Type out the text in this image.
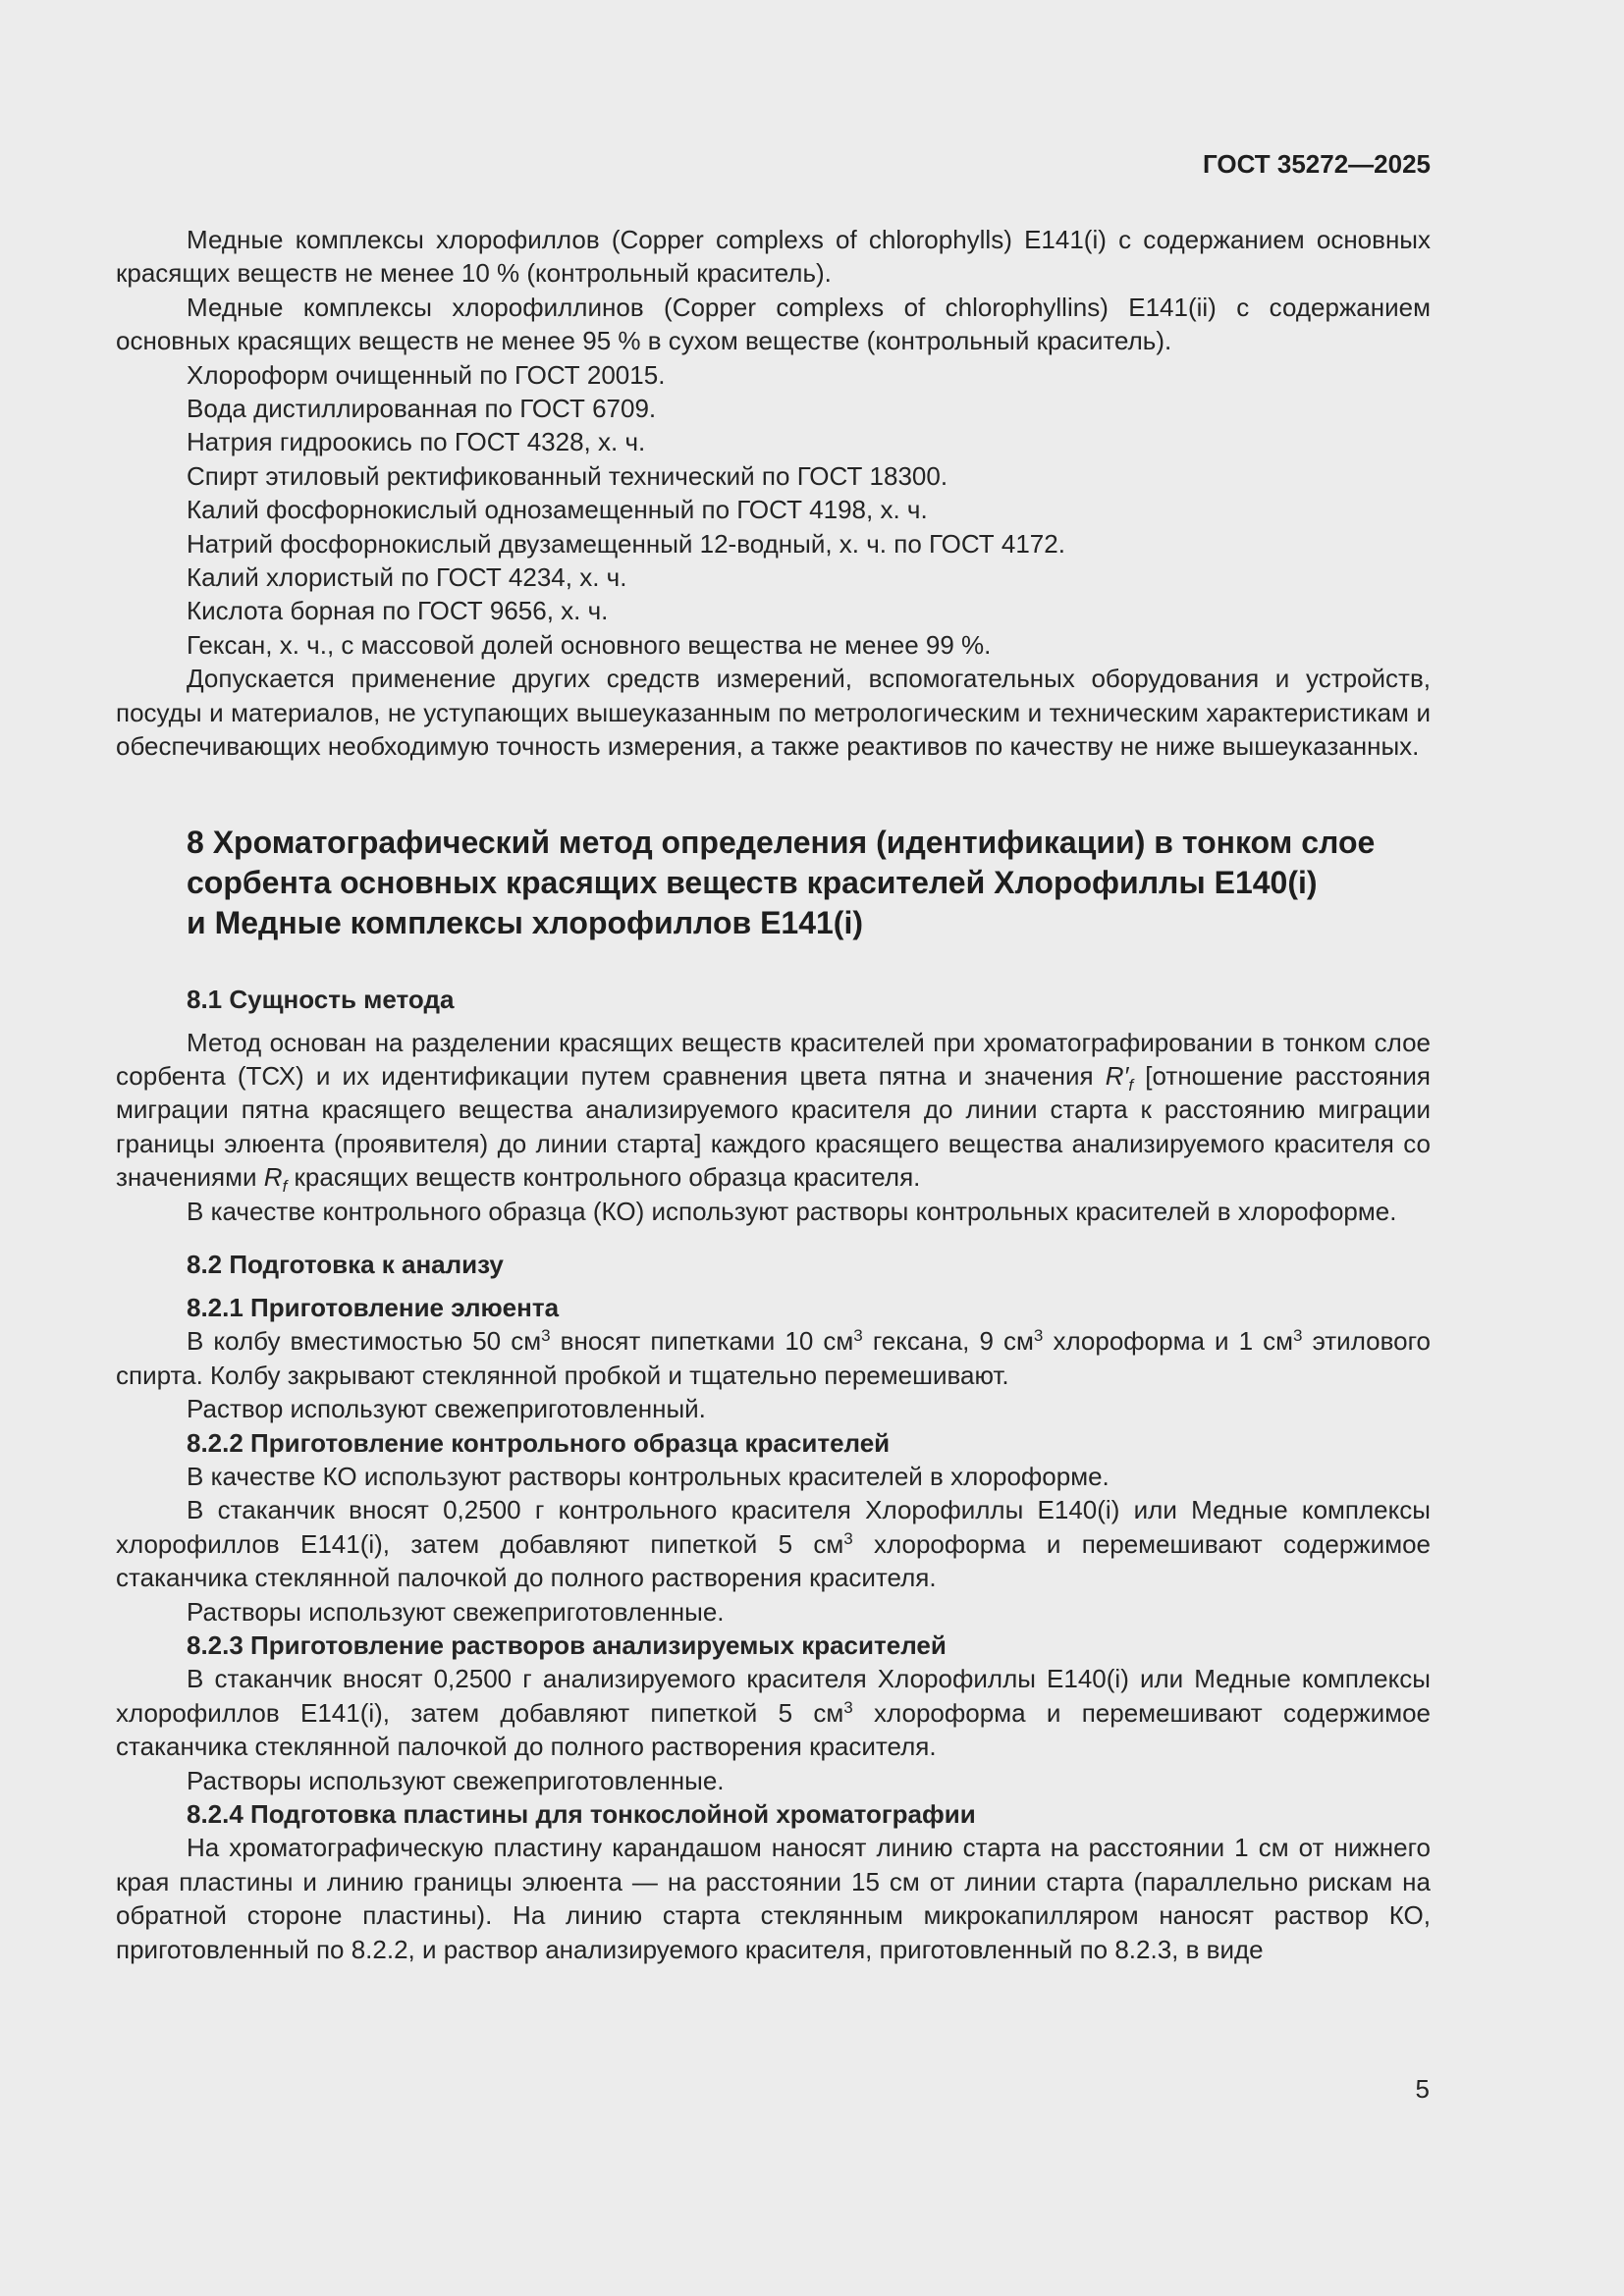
ГОСТ 35272—2025

Медные комплексы хлорофиллов (Copper complexs of chlorophylls) Е141(i) с содержанием основных красящих веществ не менее 10 % (контрольный краситель).

Медные комплексы хлорофиллинов (Copper complexs of chlorophyllins) Е141(ii) с содержанием основных красящих веществ не менее 95 % в сухом веществе (контрольный краситель).

Хлороформ очищенный по ГОСТ 20015.

Вода дистиллированная по ГОСТ 6709.

Натрия гидроокись по ГОСТ 4328, х. ч.

Спирт этиловый ректификованный технический по ГОСТ 18300.

Калий фосфорнокислый однозамещенный по ГОСТ 4198, х. ч.

Натрий фосфорнокислый двузамещенный 12-водный, х. ч. по ГОСТ 4172.

Калий хлористый по ГОСТ 4234, х. ч.

Кислота борная по ГОСТ 9656, х. ч.

Гексан, х. ч., с массовой долей основного вещества не менее 99 %.

Допускается применение других средств измерений, вспомогательных оборудования и устройств, посуды и материалов, не уступающих вышеуказанным по метрологическим и техническим характеристикам и обеспечивающих необходимую точность измерения, а также реактивов по качеству не ниже вышеуказанных.

8 Хроматографический метод определения (идентификации) в тонком слое
сорбента основных красящих веществ красителей Хлорофиллы Е140(i)
и Медные комплексы хлорофиллов Е141(i)
8.1 Сущность метода

Метод основан на разделении красящих веществ красителей при хроматографировании в тонком слое сорбента (ТСХ) и их идентификации путем сравнения цвета пятна и значения $R'_f$ [отношение расстояния миграции пятна красящего вещества анализируемого красителя до линии старта к расстоянию миграции границы элюента (проявителя) до линии старта] каждого красящего вещества анализируемого красителя со значениями $R_f$ красящих веществ контрольного образца красителя.

В качестве контрольного образца (КО) используют растворы контрольных красителей в хлороформе.

8.2 Подготовка к анализу
8.2.1 Приготовление элюента

В колбу вместимостью 50 $см^3$ вносят пипетками 10 $см^3$ гексана, 9 $см^3$ хлороформа и 1 $см^3$ этилового спирта. Колбу закрывают стеклянной пробкой и тщательно перемешивают.

Раствор используют свежеприготовленный.

8.2.2 Приготовление контрольного образца красителей

В качестве КО используют растворы контрольных красителей в хлороформе.

В стаканчик вносят 0,2500 г контрольного красителя Хлорофиллы Е140(i) или Медные комплексы хлорофиллов Е141(i), затем добавляют пипеткой 5 $см^3$ хлороформа и перемешивают содержимое стаканчика стеклянной палочкой до полного растворения красителя.

Растворы используют свежеприготовленные.

8.2.3 Приготовление растворов анализируемых красителей

В стаканчик вносят 0,2500 г анализируемого красителя Хлорофиллы Е140(i) или Медные комплексы хлорофиллов Е141(i), затем добавляют пипеткой 5 $см^3$ хлороформа и перемешивают содержимое стаканчика стеклянной палочкой до полного растворения красителя.

Растворы используют свежеприготовленные.

8.2.4 Подготовка пластины для тонкослойной хроматографии

На хроматографическую пластину карандашом наносят линию старта на расстоянии 1 см от нижнего края пластины и линию границы элюента — на расстоянии 15 см от линии старта (параллельно рискам на обратной стороне пластины). На линию старта стеклянным микрокапилляром наносят раствор КО, приготовленный по 8.2.2, и раствор анализируемого красителя, приготовленный по 8.2.3, в виде

5
